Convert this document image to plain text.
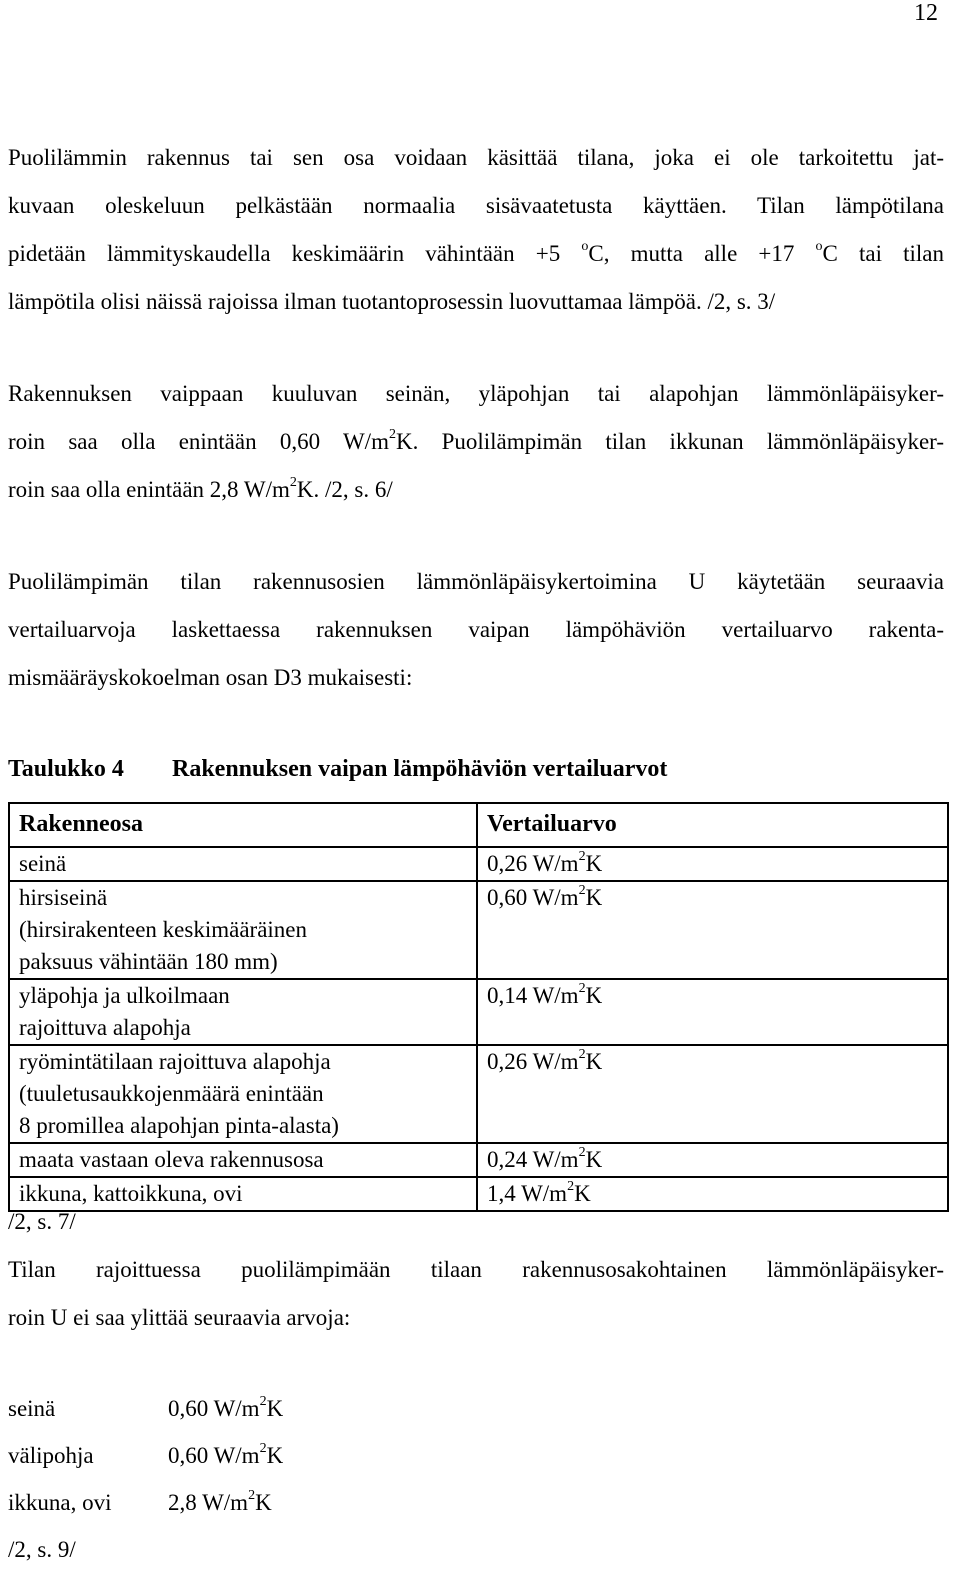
12
Puolilämmin rakennus tai sen osa voidaan käsittää tilana, joka ei ole tarkoitettu jat-
kuvaan oleskeluun pelkästään normaalia sisävaatetusta käyttäen. Tilan lämpötilana
pidetään lämmityskaudella keskimäärin vähintään +5 $^o$C, mutta alle +17 $^o$C tai tilan
lämpötila olisi näissä rajoissa ilman tuotantoprosessin luovuttamaa lämpöä. /2, s. 3/
Rakennuksen vaippaan kuuluvan seinän, yläpohjan tai alapohjan lämmönläpäisyker-
roin saa olla enintään 0,60 $W/m^2K$. Puolilämpimän tilan ikkunan lämmönläpäisyker-
roin saa olla enintään 2,8 $W/m^2K$. /2, s. 6/
Puolilämpimän tilan rakennusosien lämmönläpäisykertoimina U käytetään seuraavia
vertailuarvoja laskettaessa rakennuksen vaipan lämpöhäviön vertailuarvo rakenta-
mismääräyskokoelman osan D3 mukaisesti:
Taulukko 4 Rakennuksen vaipan lämpöhäviön vertailuarvot
Rakenneosa	Vertailuarvo

seinä	0,26 $W/m^2K$

hirsiseinä
(hirsirakenteen keskimääräinen
paksuus vähintään 180 mm)	0,60 $W/m^2K$

yläpohja ja ulkoilmaan
rajoittuva alapohja	0,14 $W/m^2K$

ryömintätilaan rajoittuva alapohja
(tuuletusaukkojenmäärä enintään
8 promillea alapohjan pinta-alasta)	0,26 $W/m^2K$

maata vastaan oleva rakennusosa	0,24 $W/m^2K$

ikkuna, kattoikkuna, ovi	1,4 $W/m^2K$
/2, s. 7/
Tilan rajoittuessa puolilämpimään tilaan rakennusosakohtainen lämmönläpäisyker-
roin U ei saa ylittää seuraavia arvoja:
seinä	0,60 $W/m^2K$
välipohja	0,60 $W/m^2K$
ikkuna, ovi	2,8 $W/m^2K$
/2, s. 9/
